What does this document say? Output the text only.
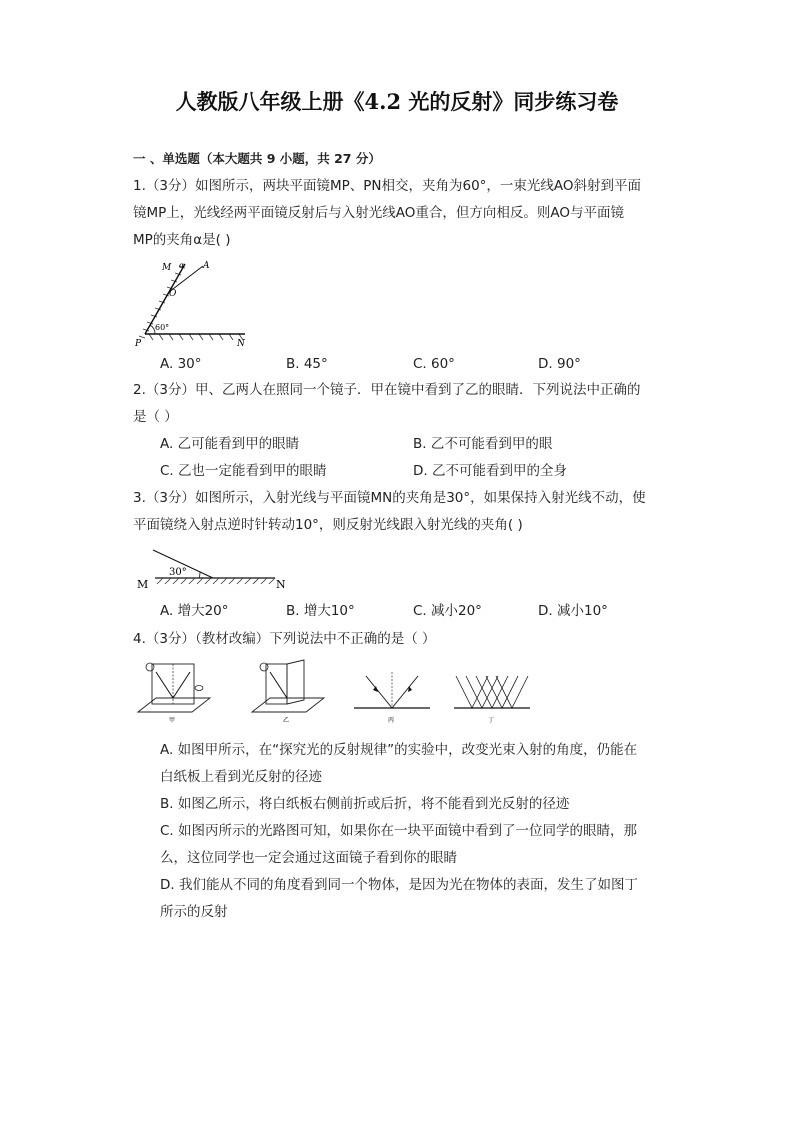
人教版八年级上册《4.2 光的反射》同步练习卷
一 、单选题（本大题共 9 小题，共 27 分）
1.（3分）如图所示，两块平面镜MP、PN相交，夹角为60°，一束光线AO斜射到平面
镜MP上，光线经两平面镜反射后与入射光线AO重合，但方向相反。则AO与平面镜
MP的夹角α是( )
M α A
O
60°
P	N
A. 30°	B. 45°	C. 60°	D. 90°
2.（3分）甲、乙两人在照同一个镜子．甲在镜中看到了乙的眼睛．下列说法中正确的
是（ ）
A. 乙可能看到甲的眼睛	B. 乙不可能看到甲的眼
C. 乙也一定能看到甲的眼睛	D. 乙不可能看到甲的全身
3.（3分）如图所示，入射光线与平面镜MN的夹角是30°，如果保持入射光线不动，使
平面镜绕入射点逆时针转动10°，则反射光线跟入射光线的夹角( )
M
30°
N
A. 增大20°	B. 增大10°	C. 减小20°	D. 减小10°
4.（3分）（教材改编）下列说法中不正确的是（ ）
甲	乙	丙	丁
A. 如图甲所示，在“探究光的反射规律”的实验中，改变光束入射的角度，仍能在
白纸板上看到光反射的径迹
B. 如图乙所示，将白纸板右侧前折或后折，将不能看到光反射的径迹
C. 如图丙所示的光路图可知，如果你在一块平面镜中看到了一位同学的眼睛，那
么，这位同学也一定会通过这面镜子看到你的眼睛
D. 我们能从不同的角度看到同一个物体，是因为光在物体的表面，发生了如图丁
所示的反射
